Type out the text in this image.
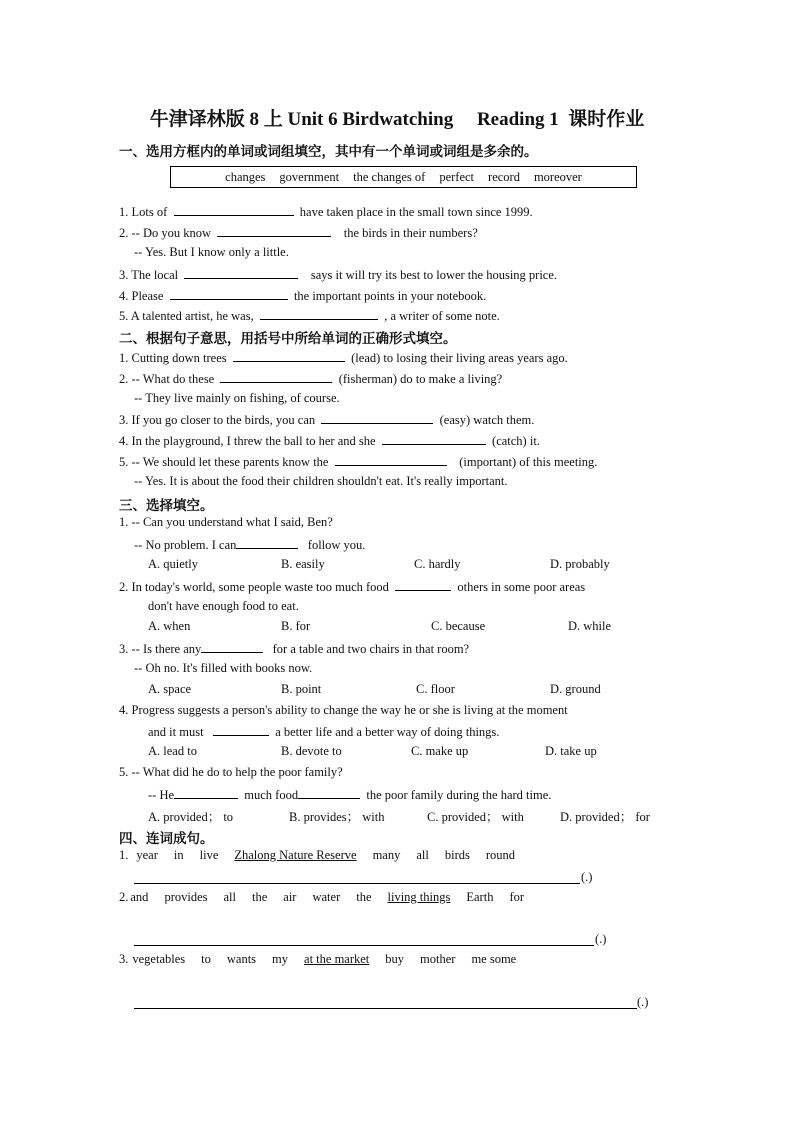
牛津译林版 8 上 Unit 6 Birdwatching     Reading 1  课时作业
一、选用方框内的单词或词组填空，其中有一个单词或词组是多余的。
changes government the changes of perfect record moreover
1. Lots of	have taken place in the small town since 1999.
2. -- Do you know	the birds in their numbers?
-- Yes. But I know only a little.
3. The local	says it will try its best to lower the housing price.
4. Please	the important points in your notebook.
5. A talented artist, he was,	, a writer of some note.
二、根据句子意思，用括号中所给单词的正确形式填空。
1. Cutting down trees	(lead) to losing their living areas years ago.
2. -- What do these	(fisherman) do to make a living?
-- They live mainly on fishing, of course.
3. If you go closer to the birds, you can	(easy) watch them.
4. In the playground, I threw the ball to her and she	(catch) it.
5. -- We should let these parents know the	(important) of this meeting.
-- Yes. It is about the food their children shouldn't eat. It's really important.
三、选择填空。
1. -- Can you understand what I said, Ben?
-- No problem. I can	follow you.
A. quietly	B. easily	C. hardly	D. probably
2. In today's world, some people waste too much food	others in some poor areas
don't have enough food to eat.
A. when	B. for	C. because	D. while
3. -- Is there any	for a table and two chairs in that room?
-- Oh no. It's filled with books now.
A. space	B. point	C. floor	D. ground
4. Progress suggests a person's ability to change the way he or she is living at the moment
and it must	a better life and a better way of doing things.
A. lead to	B. devote to	C. make up	D. take up
5. -- What did he do to help the poor family?
-- He	much food	the poor family during the hard time.
A. provided； to	B. provides； with	C. provided； with	D. provided； for
四、连词成句。
1. year in live Zhalong Nature Reserve many all birds round
(.)
2. and provides all the air water the living things Earth for
(.)
3. vegetables to wants my at the market buy mother me some
(.)
